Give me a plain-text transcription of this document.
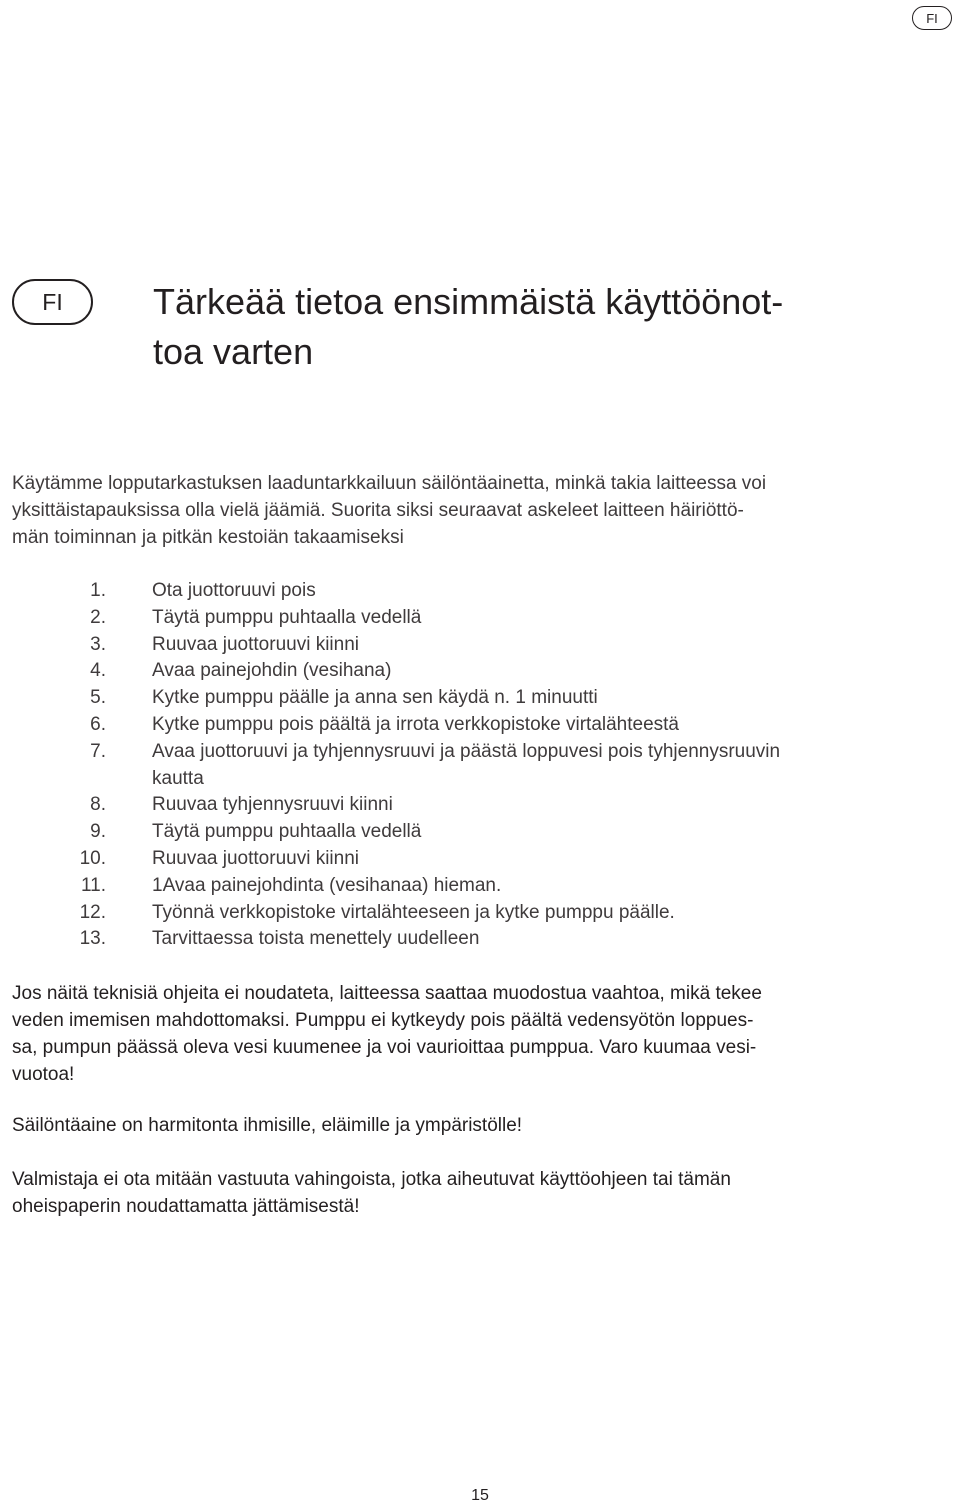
FI
FI	Tärkeää tietoa ensimmäistä käyttöönot-
toa varten

Käytämme lopputarkastuksen laaduntarkkailuun säilöntäainetta, minkä takia laitteessa voi
yksittäistapauksissa olla vielä jäämiä. Suorita siksi seuraavat askeleet laitteen häiriöttö-
män toiminnan ja pitkän kestoiän takaamiseksi

1. Ota juottoruuvi pois
2. Täytä pumppu puhtaalla vedellä
3. Ruuvaa juottoruuvi kiinni
4. Avaa painejohdin (vesihana)
5. Kytke pumppu päälle ja anna sen käydä n. 1 minuutti
6. Kytke pumppu pois päältä ja irrota verkkopistoke virtalähteestä
7. Avaa juottoruuvi ja tyhjennysruuvi ja päästä loppuvesi pois tyhjennysruuvin
kautta
8. Ruuvaa tyhjennysruuvi kiinni
9. Täytä pumppu puhtaalla vedellä
10. Ruuvaa juottoruuvi kiinni
11. 1Avaa painejohdinta (vesihanaa) hieman.
12. Työnnä verkkopistoke virtalähteeseen ja kytke pumppu päälle.
13. Tarvittaessa toista menettely uudelleen

Jos näitä teknisiä ohjeita ei noudateta, laitteessa saattaa muodostua vaahtoa, mikä tekee
veden imemisen mahdottomaksi. Pumppu ei kytkeydy pois päältä vedensyötön loppues-
sa, pumpun päässä oleva vesi kuumenee ja voi vaurioittaa pumppua. Varo kuumaa vesi-
vuotoa!

Säilöntäaine on harmitonta ihmisille, eläimille ja ympäristölle!

Valmistaja ei ota mitään vastuuta vahingoista, jotka aiheutuvat käyttöohjeen tai tämän
oheispaperin noudattamatta jättämisestä!

15
